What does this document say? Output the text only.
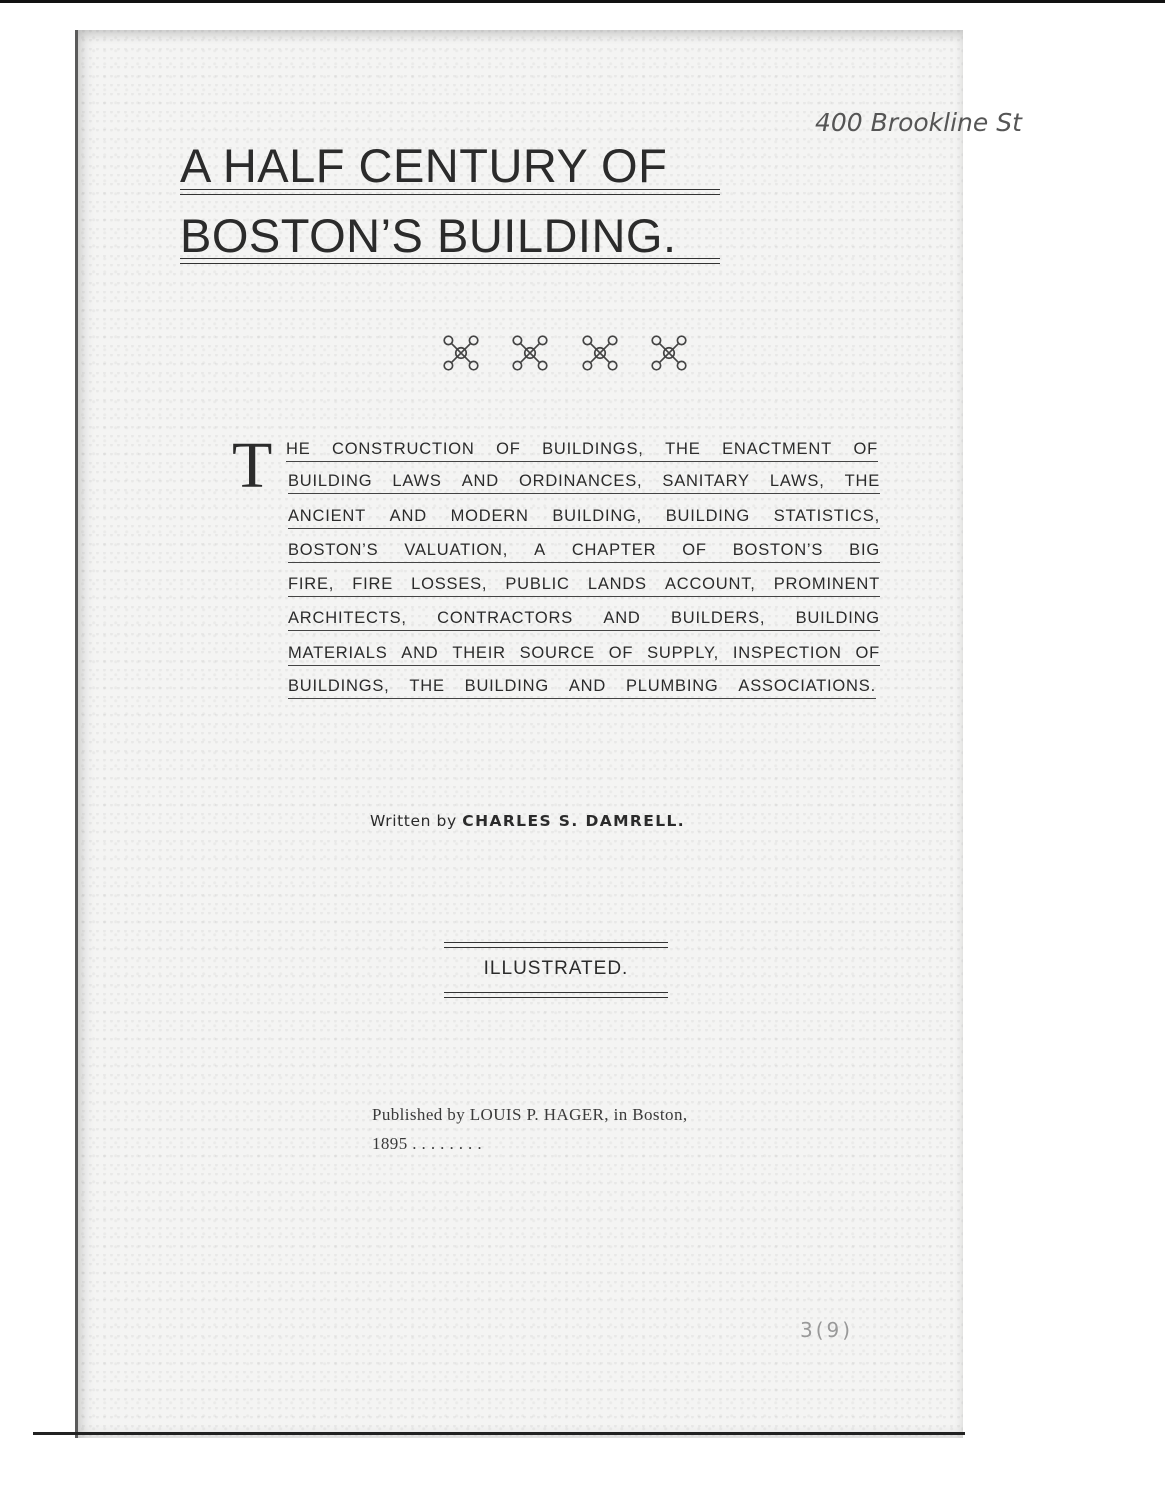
400 Brookline St
A HALF CENTURY OF
BOSTON’S BUILDING.
T HE CONSTRUCTION OF BUILDINGS, THE ENACTMENT OF
BUILDING LAWS AND ORDINANCES, SANITARY LAWS, THE
ANCIENT AND MODERN BUILDING, BUILDING STATISTICS,
BOSTON’S VALUATION, A CHAPTER OF BOSTON’S BIG
FIRE, FIRE LOSSES, PUBLIC LANDS ACCOUNT, PROMINENT
ARCHITECTS, CONTRACTORS AND BUILDERS, BUILDING
MATERIALS AND THEIR SOURCE OF SUPPLY, INSPECTION OF
BUILDINGS, THE BUILDING AND PLUMBING ASSOCIATIONS.
Written by CHARLES S. DAMRELL.
ILLUSTRATED.
Published by LOUIS P. HAGER, in Boston,
1895 . . . . . . . .
3(9)
